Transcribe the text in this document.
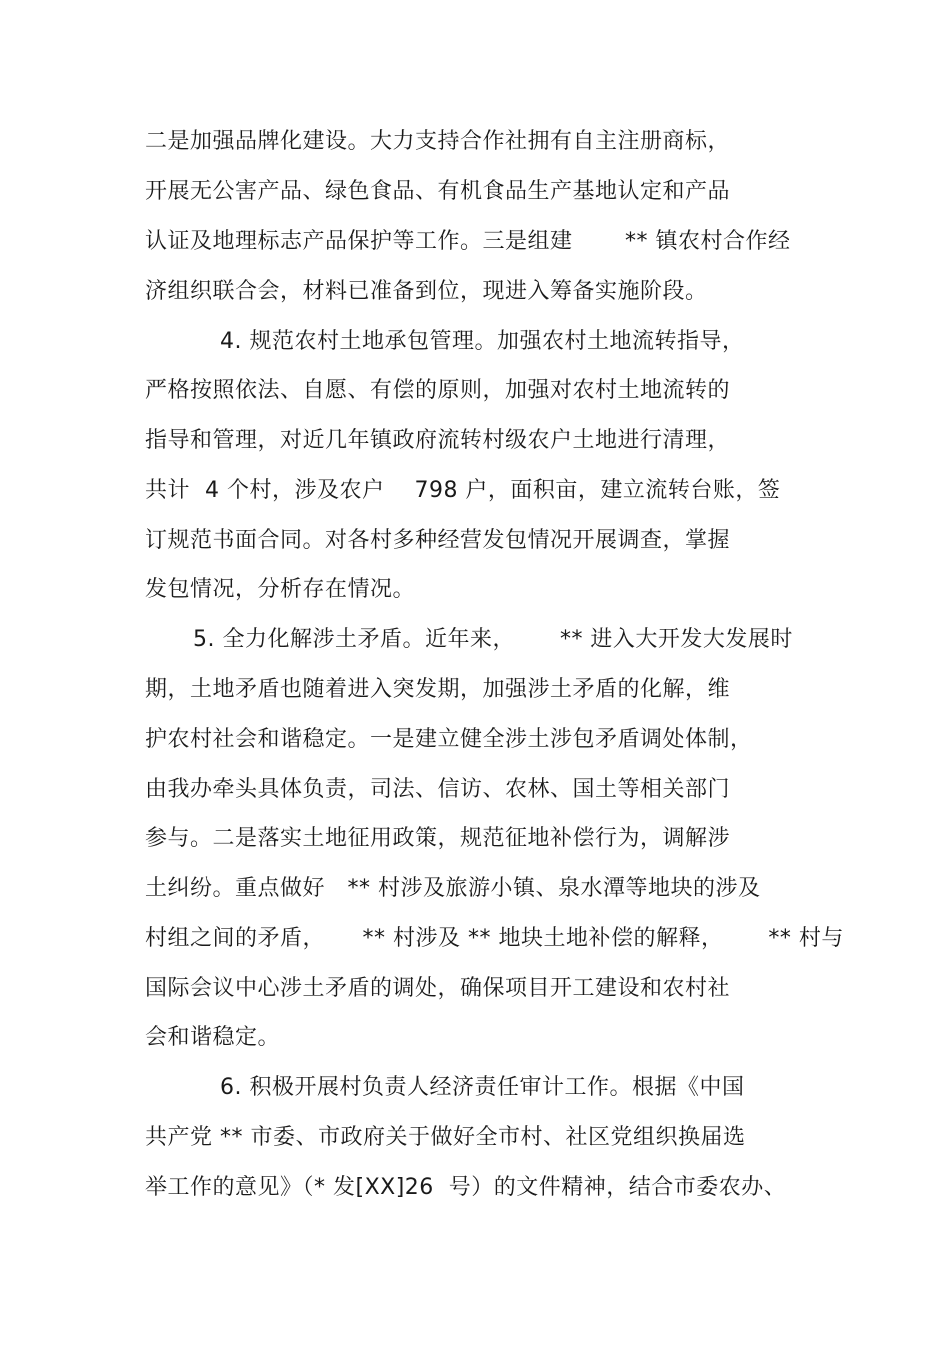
二是加强品牌化建设。大力支持合作社拥有自主注册商标，
开展无公害产品、绿色食品、有机食品生产基地认定和产品
认证及地理标志产品保护等工作。三是组建       ** 镇农村合作经
济组织联合会，材料已准备到位，现进入筹备实施阶段。
4. 规范农村土地承包管理。加强农村土地流转指导，
严格按照依法、自愿、有偿的原则，加强对农村土地流转的
指导和管理，对近几年镇政府流转村级农户土地进行清理，
共计  4 个村，涉及农户    798 户，面积亩，建立流转台账，签
订规范书面合同。对各村多种经营发包情况开展调查，掌握
发包情况，分析存在情况。
5. 全力化解涉土矛盾。近年来，      ** 进入大开发大发展时
期，土地矛盾也随着进入突发期，加强涉土矛盾的化解，维
护农村社会和谐稳定。一是建立健全涉土涉包矛盾调处体制，
由我办牵头具体负责，司法、信访、农林、国土等相关部门
参与。二是落实土地征用政策，规范征地补偿行为，调解涉
土纠纷。重点做好   ** 村涉及旅游小镇、泉水潭等地块的涉及
村组之间的矛盾，     ** 村涉及 ** 地块土地补偿的解释，      ** 村与
国际会议中心涉土矛盾的调处，确保项目开工建设和农村社
会和谐稳定。
6. 积极开展村负责人经济责任审计工作。根据《中国
共产党 ** 市委、市政府关于做好全市村、社区党组织换届选
举工作的意见》（* 发[XX]26  号）的文件精神，结合市委农办、
